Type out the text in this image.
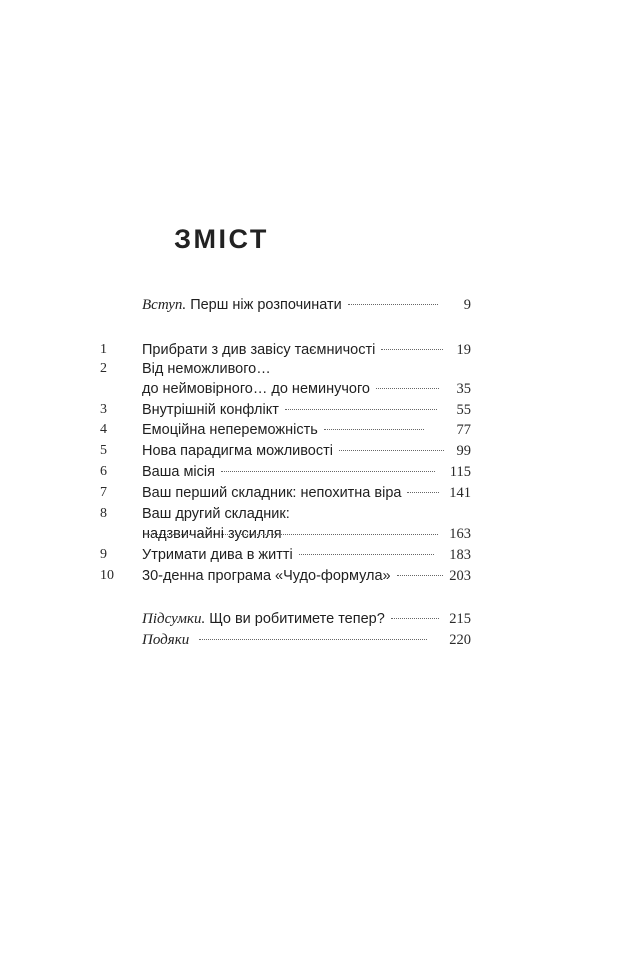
ЗМІСТ
Вступ. Перш ніж розпочинати	9
1	Прибрати з див завісу таємничості	19
2	Від неможливого…
до неймовірного… до неминучого	35
3	Внутрішній конфлікт	55
4	Емоційна непереможність	77
5	Нова парадигма можливості	99
6	Ваша місія	115
7	Ваш перший складник: непохитна віра	141
8	Ваш другий складник:
надзвичайні зусилля	163
9	Утримати дива в житті	183
10	30-денна програма «Чудо-формула»	203
Підсумки. Що ви робитимете тепер?	215
Подяки	220
